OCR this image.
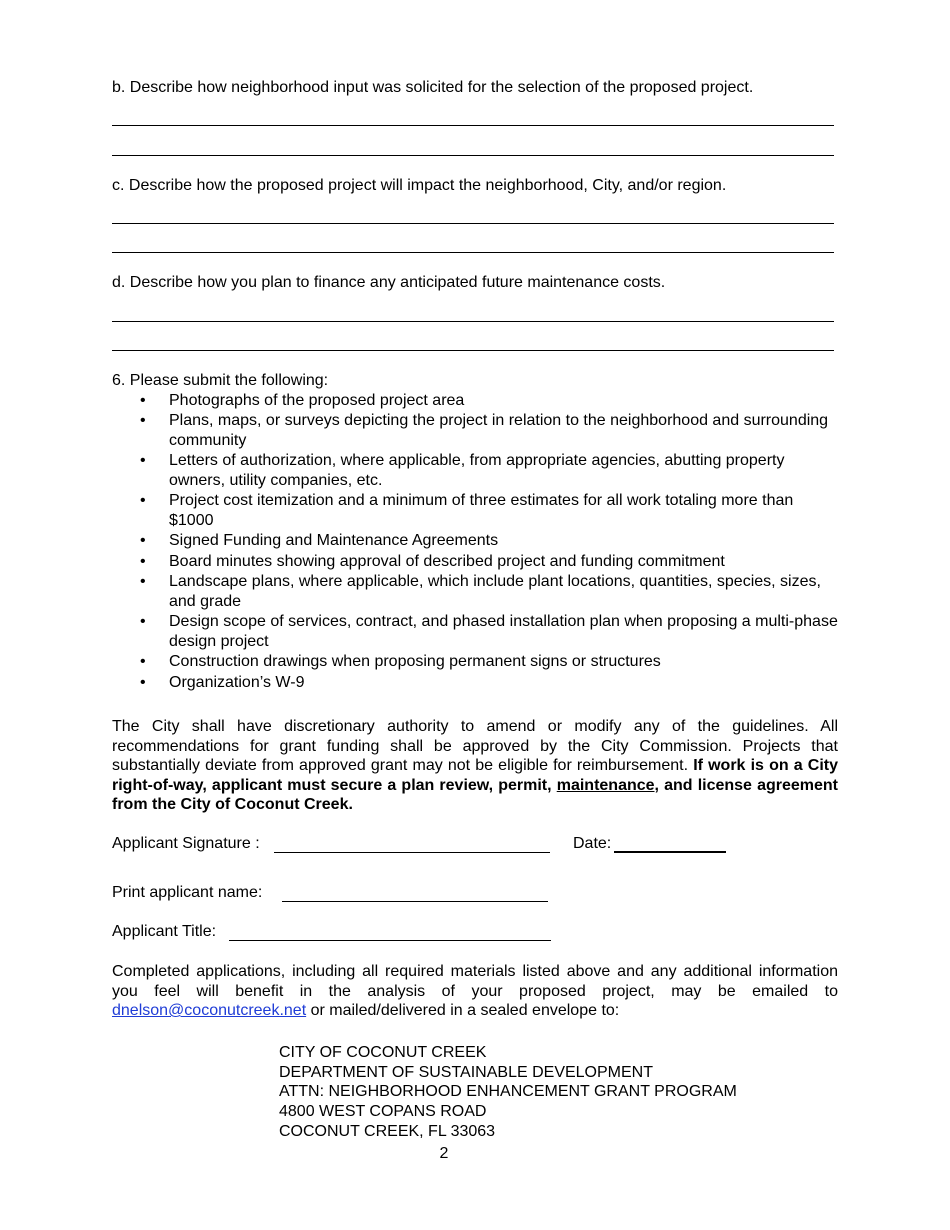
b. Describe how neighborhood input was solicited for the selection of the proposed project.
c. Describe how the proposed project will impact the neighborhood, City, and/or region.
d. Describe how you plan to finance any anticipated future maintenance costs.
6. Please submit the following:
• Photographs of the proposed project area
• Plans, maps, or surveys depicting the project in relation to the neighborhood and surrounding community
• Letters of authorization, where applicable, from appropriate agencies, abutting property owners, utility companies, etc.
• Project cost itemization and a minimum of three estimates for all work totaling more than $1000
• Signed Funding and Maintenance Agreements
• Board minutes showing approval of described project and funding commitment
• Landscape plans, where applicable, which include plant locations, quantities, species, sizes, and grade
• Design scope of services, contract, and phased installation plan when proposing a multi-phase design project
• Construction drawings when proposing permanent signs or structures
• Organization’s W-9
The City shall have discretionary authority to amend or modify any of the guidelines. All recommendations for grant funding shall be approved by the City Commission. Projects that substantially deviate from approved grant may not be eligible for reimbursement. If work is on a City right-of-way, applicant must secure a plan review, permit, maintenance, and license agreement from the City of Coconut Creek.
Applicant Signature :	Date:
Print applicant name:
Applicant Title:
Completed applications, including all required materials listed above and any additional information you feel will benefit in the analysis of your proposed project, may be emailed to dnelson@coconutcreek.net or mailed/delivered in a sealed envelope to:
CITY OF COCONUT CREEK
DEPARTMENT OF SUSTAINABLE DEVELOPMENT
ATTN: NEIGHBORHOOD ENHANCEMENT GRANT PROGRAM
4800 WEST COPANS ROAD
COCONUT CREEK, FL 33063
2
